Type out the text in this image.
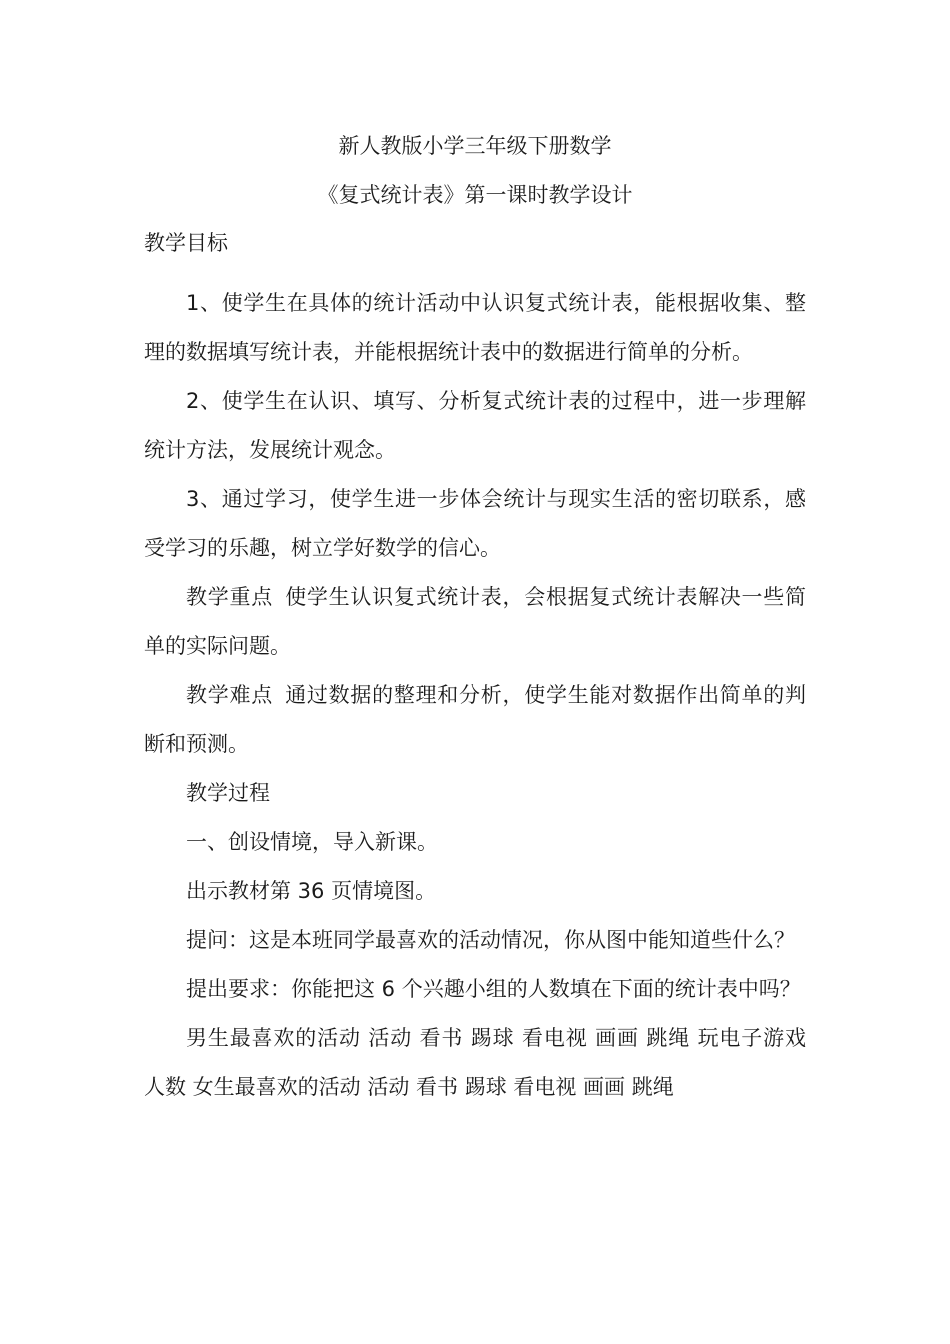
新人教版小学三年级下册数学
《复式统计表》第一课时教学设计
教学目标

1、使学生在具体的统计活动中认识复式统计表，能根据收集、整理的数据填写统计表，并能根据统计表中的数据进行简单的分析。

2、使学生在认识、填写、分析复式统计表的过程中，进一步理解统计方法，发展统计观念。

3、通过学习，使学生进一步体会统计与现实生活的密切联系，感受学习的乐趣，树立学好数学的信心。

教学重点 使学生认识复式统计表，会根据复式统计表解决一些简单的实际问题。

教学难点 通过数据的整理和分析，使学生能对数据作出简单的判断和预测。

教学过程

一、创设情境，导入新课。

出示教材第 36 页情境图。

提问：这是本班同学最喜欢的活动情况，你从图中能知道些什么？

提出要求：你能把这 6 个兴趣小组的人数填在下面的统计表中吗？

男生最喜欢的活动 活动 看书 踢球 看电视 画画 跳绳 玩电子游戏 人数 女生最喜欢的活动 活动 看书 踢球 看电视 画画 跳绳
